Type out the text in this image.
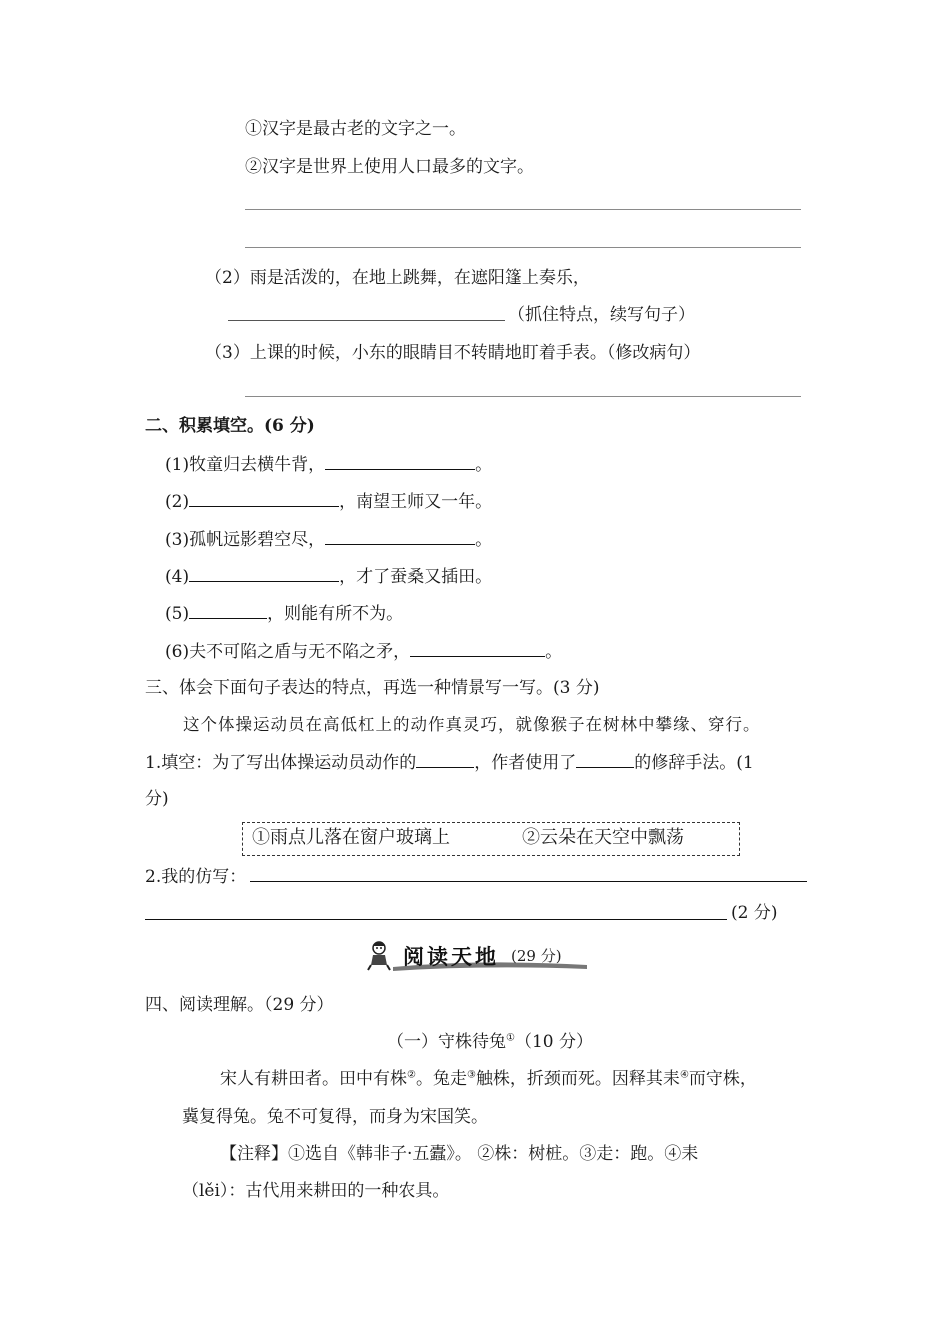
①汉字是最古老的文字之一。
②汉字是世界上使用人口最多的文字。
（2）雨是活泼的，在地上跳舞，在遮阳篷上奏乐，
（抓住特点，续写句子）
（3）上课的时候，小东的眼睛目不转睛地盯着手表。（修改病句）
二、积累填空。(6 分)
(1)牧童归去横牛背，	。
(2)	，南望王师又一年。
(3)孤帆远影碧空尽，	。
(4)	，才了蚕桑又插田。
(5)	，则能有所不为。
(6)夫不可陷之盾与无不陷之矛，	。
三、体会下面句子表达的特点，再选一种情景写一写。(3 分)
这个体操运动员在高低杠上的动作真灵巧，就像猴子在树林中攀缘、穿行。
1.填空：为了写出体操运动员动作的	，作者使用了	的修辞手法。(1
分)
①雨点儿落在窗户玻璃上	②云朵在天空中飘荡
2.我的仿写：
(2 分)
阅读天地 (29 分)
四、阅读理解。（29 分）
（一）守株待兔①（10 分）
宋人有耕田者。田中有株②。兔走③触株，折颈而死。因释其耒④而守株，
冀复得兔。兔不可复得，而身为宋国笑。
【注释】①选自《韩非子·五蠹》。 ②株：树桩。③走：跑。④耒
（lěi）：古代用来耕田的一种农具。
